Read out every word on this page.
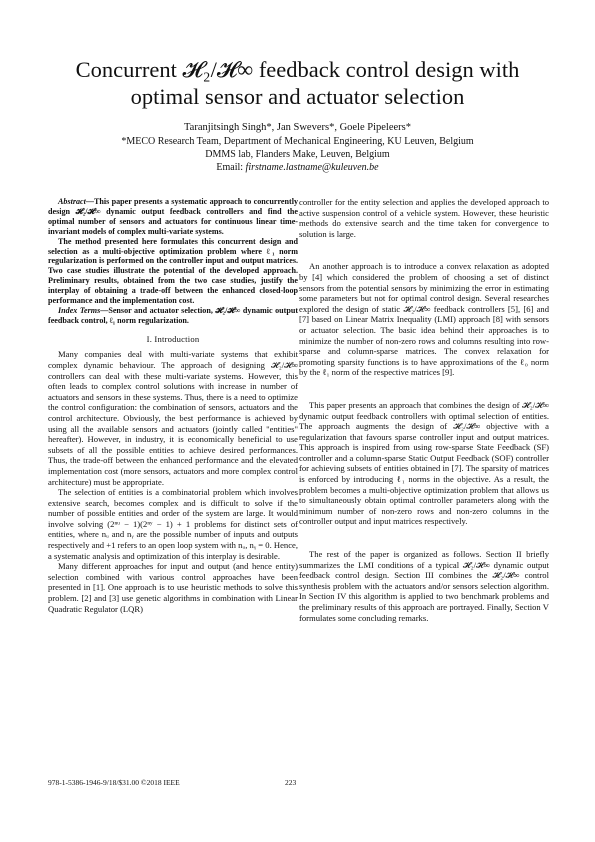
Concurrent 𝓗₂/𝓗∞ feedback control design with
optimal sensor and actuator selection
Taranjitsingh Singh*, Jan Swevers*, Goele Pipeleers*
*MECO Research Team, Department of Mechanical Engineering, KU Leuven, Belgium
DMMS lab, Flanders Make, Leuven, Belgium
Email: firstname.lastname@kuleuven.be

Abstract—This paper presents a systematic approach to concurrently design 𝓗₂/𝓗∞ dynamic output feedback controllers and find the optimal number of sensors and actuators for continuous linear time-invariant models of complex multi-variate systems.

The method presented here formulates this concurrent design and selection as a multi-objective optimization problem where ℓ₁ norm regularization is performed on the controller input and output matrices. Two case studies illustrate the potential of the developed approach. Preliminary results, obtained from the two case studies, justify the interplay of obtaining a trade-off between the enhanced closed-loop performance and the implementation cost.

Index Terms—Sensor and actuator selection, 𝓗₂/𝓗∞ dynamic output feedback control, ℓ₁ norm regularization.

I. Introduction

Many companies deal with multi-variate systems that exhibit complex dynamic behaviour. The approach of designing 𝓗₂/𝓗∞ controllers can deal with these multi-variate systems. However, this often leads to complex control solutions with increase in number of actuators and sensors in these systems. Thus, there is a need to optimize the control configuration: the combination of sensors, actuators and the control architecture. Obviously, the best performance is achieved by using all the available sensors and actuators (jointly called "entities" hereafter). However, in industry, it is economically beneficial to use subsets of all the possible entities to achieve desired performances. Thus, the trade-off between the enhanced performance and the elevated implementation cost (more sensors, actuators and more complex control architecture) must be appropriate.

The selection of entities is a combinatorial problem which involves extensive search, becomes complex and is difficult to solve if the number of possible entities and order of the system are large. It would involve solving (2ⁿᵘ − 1)(2ⁿʸ − 1) + 1 problems for distinct sets of entities, where nᵤ and nᵧ are the possible number of inputs and outputs respectively and +1 refers to an open loop system with nᵤ, nᵧ = 0. Hence, a systematic analysis and optimization of this interplay is desirable.

Many different approaches for input and output (and hence entity) selection combined with various control approaches have been presented in [1]. One approach is to use heuristic methods to solve this problem. [2] and [3] use genetic algorithms in combination with Linear Quadratic Regulator (LQR)

controller for the entity selection and applies the developed approach to active suspension control of a vehicle system. However, these heuristic methods do extensive search and the time taken for convergence to solution is large.

An another approach is to introduce a convex relaxation as adopted by [4] which considered the problem of choosing a set of distinct sensors from the potential sensors by minimizing the error in estimating some parameters but not for optimal control design. Several researches explored the design of static 𝓗₂/𝓗∞ feedback controllers [5], [6] and [7] based on Linear Matrix Inequality (LMI) approach [8] with sensors or actuator selection. The basic idea behind their approaches is to minimize the number of non-zero rows and columns resulting into row-sparse and column-sparse matrices. The convex relaxation for promoting sparsity functions is to have approximations of the ℓ₀ norm by the ℓ₁ norm of the respective matrices [9].

This paper presents an approach that combines the design of 𝓗₂/𝓗∞ dynamic output feedback controllers with optimal selection of entities. The approach augments the design of 𝓗₂/𝓗∞ objective with a regularization that favours sparse controller input and output matrices. This approach is inspired from using row-sparse State Feedback (SF) controller and a column-sparse Static Output Feedback (SOF) controller for achieving subsets of entities obtained in [7]. The sparsity of matrices is enforced by introducing ℓ₁ norms in the objective. As a result, the problem becomes a multi-objective optimization problem that allows us to simultaneously obtain optimal controller parameters along with the minimum number of non-zero rows and non-zero columns in the controller output and input matrices respectively.

The rest of the paper is organized as follows. Section II briefly summarizes the LMI conditions of a typical 𝓗₂/𝓗∞ dynamic output feedback control design. Section III combines the 𝓗₂/𝓗∞ control synthesis problem with the actuators and/or sensors selection algorithm. In Section IV this algorithm is applied to two benchmark problems and the preliminary results of this approach are portrayed. Finally, Section V formulates some concluding remarks.

978-1-5386-1946-9/18/$31.00 ©2018 IEEE	223
